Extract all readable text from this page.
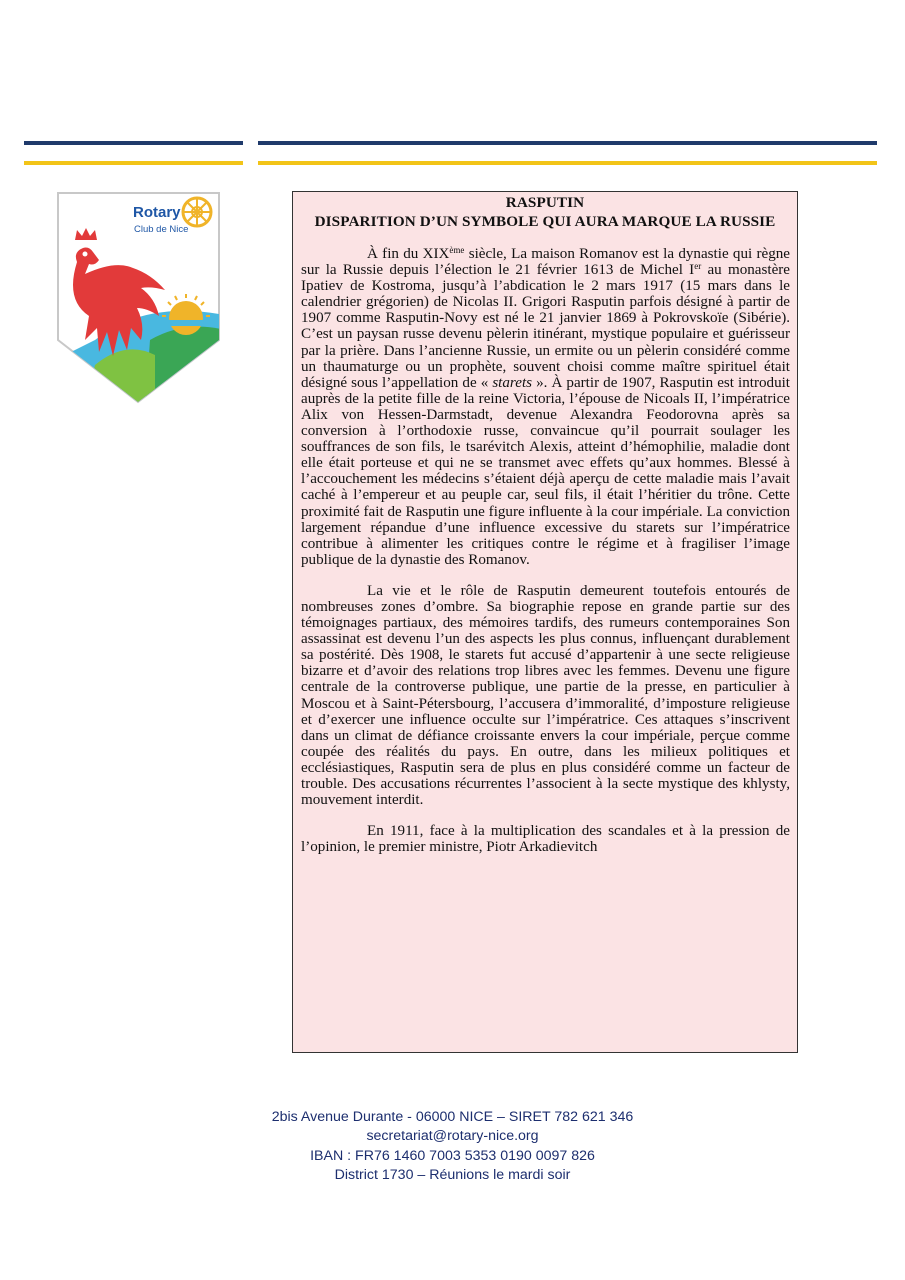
Rotary
Club de Nice
RASPUTIN
DISPARITION D’UN SYMBOLE QUI AURA MARQUE LA RUSSIE

À fin du XIXème siècle, La maison Romanov est la dynastie qui règne sur la Russie depuis l’élection le 21 février 1613 de Michel Ier au monastère Ipatiev de Kostroma, jusqu’à l’abdication le 2 mars 1917 (15 mars dans le calendrier grégorien) de Nicolas II. Grigori Rasputin parfois désigné à partir de 1907 comme Rasputin-Novy est né le 21 janvier 1869 à Pokrovskoïe (Sibérie). C’est un paysan russe devenu pèlerin itinérant, mystique populaire et guérisseur par la prière. Dans l’ancienne Russie, un ermite ou un pèlerin considéré comme un thaumaturge ou un prophète, souvent choisi comme maître spirituel était désigné sous l’appellation de « starets ». À partir de 1907, Rasputin est introduit auprès de la petite fille de la reine Victoria, l’épouse de Nicoals II, l’impératrice Alix von Hessen-Darmstadt, devenue Alexandra Feodorovna après sa conversion à l’orthodoxie russe, convaincue qu’il pourrait soulager les souffrances de son fils, le tsarévitch Alexis, atteint d’hémophilie, maladie dont elle était porteuse et qui ne se transmet avec effets qu’aux hommes. Blessé à l’accouchement les médecins s’étaient déjà aperçu de cette maladie mais l’avait caché à l’empereur et au peuple car, seul fils, il était l’héritier du trône. Cette proximité fait de Rasputin une figure influente à la cour impériale. La conviction largement répandue d’une influence excessive du starets sur l’impératrice contribue à alimenter les critiques contre le régime et à fragiliser l’image publique de la dynastie des Romanov.

La vie et le rôle de Rasputin demeurent toutefois entourés de nombreuses zones d’ombre. Sa biographie repose en grande partie sur des témoignages partiaux, des mémoires tardifs, des rumeurs contemporaines Son assassinat est devenu l’un des aspects les plus connus, influençant durablement sa postérité. Dès 1908, le starets fut accusé d’appartenir à une secte religieuse bizarre et d’avoir des relations trop libres avec les femmes. Devenu une figure centrale de la controverse publique, une partie de la presse, en particulier à Moscou et à Saint-Pétersbourg, l’accusera d’immoralité, d’imposture religieuse et d’exercer une influence occulte sur l’impératrice. Ces attaques s’inscrivent dans un climat de défiance croissante envers la cour impériale, perçue comme coupée des réalités du pays. En outre, dans les milieux politiques et ecclésiastiques, Rasputin sera de plus en plus considéré comme un facteur de trouble. Des accusations récurrentes l’associent à la secte mystique des khlysty, mouvement interdit.

En 1911, face à la multiplication des scandales et à la pression de l’opinion, le premier ministre, Piotr Arkadievitch

2bis Avenue Durante - 06000 NICE – SIRET 782 621 346
secretariat@rotary-nice.org
IBAN : FR76 1460 7003 5353 0190 0097 826
District 1730 – Réunions le mardi soir
